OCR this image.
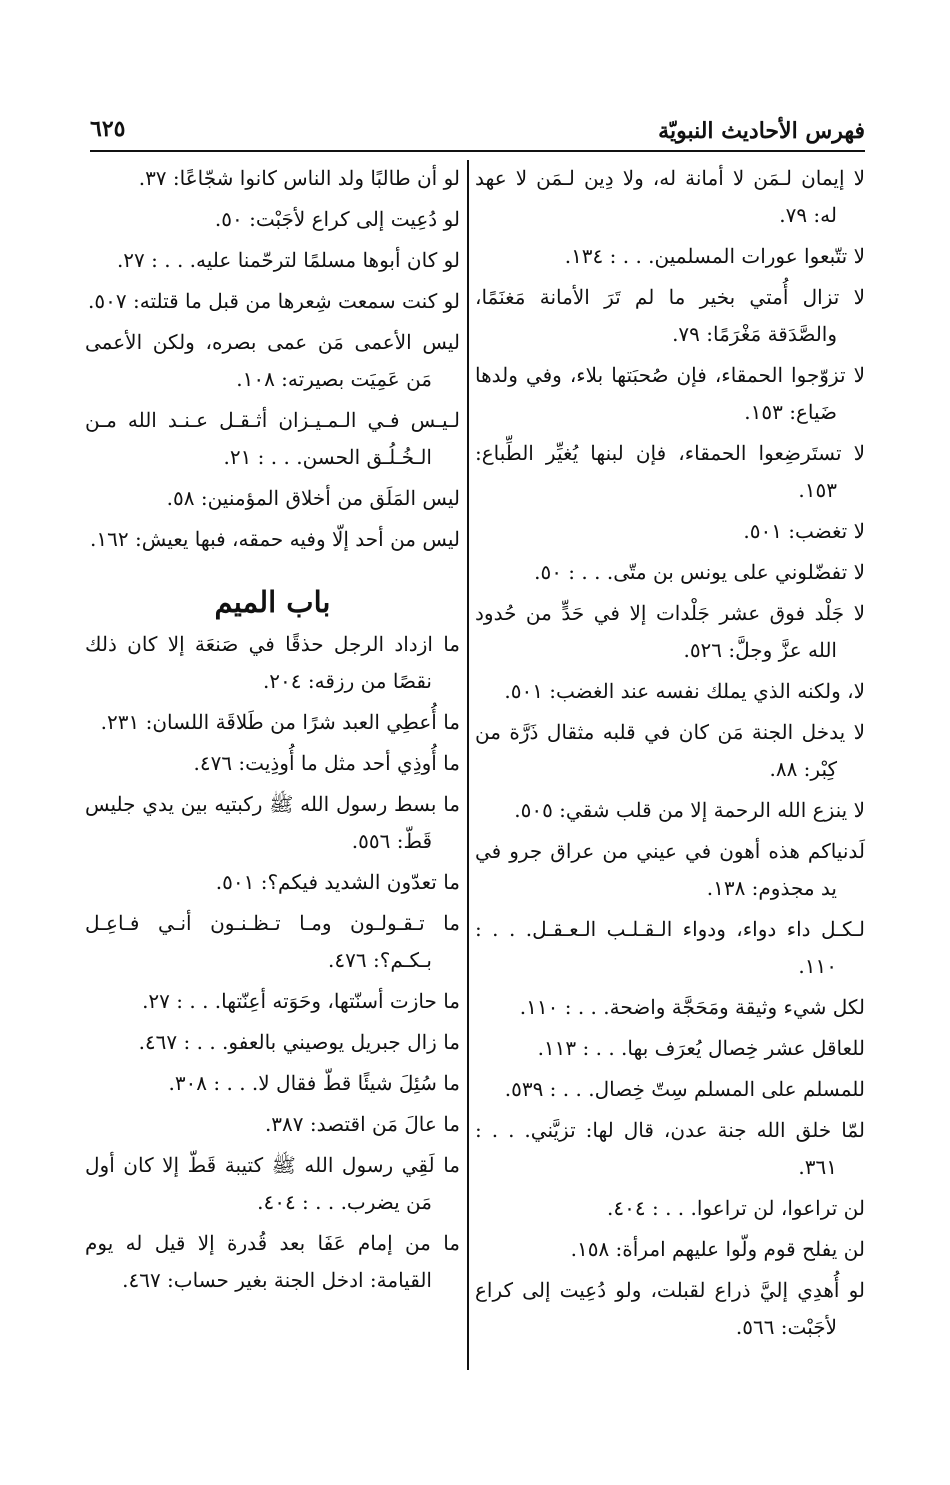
فهرس الأحاديث النبويّة
٦٢٥

لا إيمان لـمَن لا أمانة له، ولا دِين لـمَن لا عهد له: ٧٩.

لا تتّبعوا عورات المسلمين. . . : ١٣٤.

لا تزال أُمتي بخير ما لم تَرَ الأمانة مَغنَمًا، والصَّدَقة مَغْرَمًا: ٧٩.

لا تزوّجوا الحمقاء، فإن صُحبَتها بلاء، وفي ولدها ضَياع: ١٥٣.

لا تستَرضِعوا الحمقاء، فإن لبنها يُغيِّر الطِّباع: ١٥٣.

لا تغضب: ٥٠١.

لا تفضّلوني على يونس بن متّى. . . : ٥٠.

لا جَلْد فوق عشر جَلْدات إلا في حَدٍّ من حُدود الله عزَّ وجلَّ: ٥٢٦.

لا، ولكنه الذي يملك نفسه عند الغضب: ٥٠١.

لا يدخل الجنة مَن كان في قلبه مثقال ذَرَّة من كِبْر: ٨٨.

لا ينزع الله الرحمة إلا من قلب شقي: ٥٠٥.

لَدنياكم هذه أهون في عيني من عراق جرو في يد مجذوم: ١٣٨.

لـكـل داء دواء، ودواء الـقـلـب الـعـقـل. . . : ١١٠.

لكل شيء وثيقة ومَحَجَّة واضحة. . . : ١١٠.

للعاقل عشر خِصال يُعرَف بها. . . : ١١٣.

للمسلم على المسلم سِتّ خِصال. . . : ٥٣٩.

لمّا خلق الله جنة عدن، قال لها: تزيَّني. . . : ٣٦١.

لن تراعوا، لن تراعوا. . . : ٤٠٤.

لن يفلح قوم ولّوا عليهم امرأة: ١٥٨.

لو أُهدِي إليَّ ذراع لقبلت، ولو دُعِيت إلى كراع لأجَبْت: ٥٦٦.

لو أن طالبًا ولد الناس كانوا شجّاعًا: ٣٧.

لو دُعِيت إلى كراع لأجَبْت: ٥٠.

لو كان أبوها مسلمًا لترحّمنا عليه. . . : ٢٧.

لو كنت سمعت شِعرها من قبل ما قتلته: ٥٠٧.

ليس الأعمى مَن عمى بصره، ولكن الأعمى مَن عَمِيَت بصيرته: ١٠٨.

لـيـس فـي الـمـيـزان أثـقـل عـنـد الله مـن الـخُـلُـق الحسن. . . : ٢١.

ليس المَلَق من أخلاق المؤمنين: ٥٨.

ليس من أحد إلّا وفيه حمقه، فبها يعيش: ١٦٢.

باب الميم

ما ازداد الرجل حذقًا في صَنعَة إلا كان ذلك نقصًا من رزقه: ٢٠٤.

ما أُعطِي العبد شرًا من طَلاقَة اللسان: ٢٣١.

ما أُوذِي أحد مثل ما أُوذِيت: ٤٧٦.

ما بسط رسول الله ﷺ ركبتيه بين يدي جليس قَطّ: ٥٥٦.

ما تعدّون الشديد فيكم؟: ٥٠١.

ما تـقـولـون ومـا تـظـنـون أنـي فـاعِـل بـكـم؟: ٤٧٦.

ما حازت أسنّتها، وحَوَته أعِنّتها. . . : ٢٧.

ما زال جبريل يوصيني بالعفو. . . : ٤٦٧.

ما سُئِلَ شيئًا قطّ فقال لا. . . : ٣٠٨.

ما عالَ مَن اقتصد: ٣٨٧.

ما لَقِي رسول الله ﷺ كتيبة قَطّ إلا كان أول مَن يضرب. . . : ٤٠٤.

ما من إمام عَفَا بعد قُدرة إلا قيل له يوم القيامة: ادخل الجنة بغير حساب: ٤٦٧.
